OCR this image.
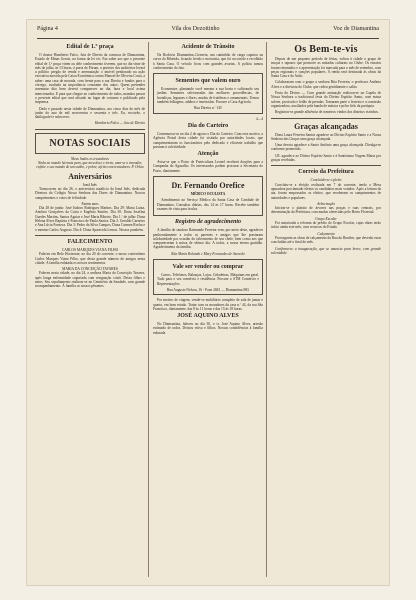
Página 4	Vila dos Dezoitinho	Voz de Diamantina
Edital de 1.º praça

O doutor Humberto Falco, Juiz de Direito da comarca de Diamantina, Estado de Minas Gerais, na forma da lei etc. Faz saber aos que o presente edital de 1.ª praça virem ou dele conhecimento tiverem, que no dia vinte de mês de julho, às 13 horas, à porta do Fórum, o porteiro dos auditórios levará a público pregão de venda e arrematação o imóvel penhorado na ação executiva movida pela Caixa Econômica contra Manoel de Oliveira Costa, a saber: uma casa de morada, com frente para a rua Direita e fundos para o córrego, avaliada na importância constante dos autos. Quem pretender arrematar dito bem deverá comparecer no dia, hora e local acima mencionados. E para que chegue ao conhecimento de todos, mandou passar o presente edital que será afixado no lugar de costume e publicado pela imprensa.

Dado e passado nesta cidade de Diamantina, aos cinco dias do mês de junho do ano de mil novecentos e sessenta e três. Eu, escrivão, o datilografei e subscrevo.

Humberto Falco — Juiz de Direito
NOTAS SOCIAIS
Meus lindos os travadores
Nada no mundo há mais puro, que meu doce e terno, ama-se o travador, enfeite o seu mundo de um sonho, e pobre, afeito com travadores. P. Orlao
Aniversários
Irmã Inês

Transcorreu no dia 26, o aniversário natalício da Irmã Inês, dedicada Diretora do Colégio Nossa Senhora das Dores de Diamantina. Nossos cumprimentos e votos de felicidade.

Fazem anos

Dia 28 de junho: José Isidoro Rodrigues Martins. Dia 29: Maria Luiza, Antônio Gonçalves da Costa e Eugênio Simões. Dia 30: Dona Josefina Guedes Martins, Santos Aguiar e José Maria Ribeiro. Dia 1.º de julho: Dona Helena Alves Baptista e Francisco de Paula Santos. Dia 2: Geraldo Carneiro e Ana Lúcia Fonseca. Dia 3: Pedro da Silva Campos, Dona Carmen Rocha e o menino Carlos Augusto. Dia 4: Dona Aparecida Lemos. Nossos parabéns.

FALECIMENTO
CARLOS MARQUES VIANA FILHO

Faleceu em Belo Horizonte, no dia 20 do corrente, o nosso conterrâneo Carlos Marques Viana Filho, que deixa grande número de amigos nesta cidade. A família enlutada os nossos sentimentos.

MARIA DA CONCEIÇÃO TAVARES

Faleceu nesta cidade, no dia 24, a senhora Maria da Conceição Tavares, após longa enfermidade suportada com resignação cristã. Deixa filhos e netos. Seu sepultamento realizou-se no Cemitério da Saudade, com grande acompanhamento. À família os nossos pêsames.

Acidente de Trânsito

Na Rodovia Diamantina–Gouveia, um caminhão de carga capotou na curva do Ribeirão, ficando ferido o motorista, que foi socorrido e recolhido à Santa Casa. O veículo ficou com grandes avarias. A polícia tomou conhecimento do fato.

Sementes que valem ouro

Economize, plantando você mesmo a sua horta e cultivando seu jardim. Sementes selecionadas das melhores procedências, de hortaliças, legumes e flores, mudas de frutíferas e ornamentais. Temos também folhagens, adubos e inseticidas. Procure a Casa Agrícola.

Rua Direita n.º 145
4—4
Dia do Carteiro

Comemorou-se no dia 2 de agosto o Dia do Carteiro. Com esse motivo, a Agência Postal desta cidade foi visitada por autoridades locais, que cumprimentaram os funcionários pelo dedicado e eficiente trabalho que prestam à coletividade.

Atenção

Avisa-se que o Posto de Puericultura Leonel receberá doações para a Campanha do Agasalho. Os interessados podem procurar a Secretaria do Posto, diariamente.

Dr. Fernando Orefice
MÉDICO OCULISTA

Atendimento no Serviço Médico da Santa Casa de Caridade de Diamantina, Consultas diárias, das 14 às 17 horas. Recebe também exames de vista para óculos.

Registro de agradecimento

A família do saudoso Raimundo Ferreira vem, por meio deste, agradecer penhoradamente a todos os parentes e amigos que lhe prestaram solidariedade por ocasião do falecimento de seu chefe, bem como aos que compareceram à missa de sétimo dia. A todos, a nossa eterna gratidão. Agradecimento da família.

Rita Maria Rolando e Mary Fernandes de Azevedo
Vale ser vender ou comprar

Carros, Telefones, Balanças, Lojas, Geladeiras, Máquinas em geral. Tudo para o seu comércio e residência. Procure o STM Comércio e Representações.

Rua Augusto Nelson, 16 - Fone 2681 — Diamantina MG

Por motivo de viagem, vende-se mobiliário completo de sala de jantar e quarto, em bom estado. Tratar com os moradores da casa n.º 44, da rua São Francisco, diariamente, das 8 às 11 horas e das 15 às 18 horas.

JOSÉ AQUINO ALVES

No Diamantina, faleceu no dia 30, o sr. José Aquino Alves, artesão estimado de todos. Deixou viúva e filhos. Nossas condolências à família enlutada.

Os Bem-te-vis

Depois de um pequeno período de férias, voltou à cidade o grupo de moças e rapazes que promove as noitadas culturais no Clube. Os ensaios foram retomados e a apresentação foi marcada para o mês de setembro, com peças regionais e canções populares. A renda será destinada às obras da Santa Casa e do Asilo.

Colaboraram com o grupo a senhora Rita Ferreira, o professor Antônio Alves e a diretoria do Clube, que cedeu gentilmente o salão.

Festa do Divino — Com grande animação realizou-se na Capela de Nossa Senhora a tradicional festa do Divino Espírito Santo, com missa solene, procissão e leilão de prendas. Tomaram parte o festeiro e a comissão organizadora, auxiliados pela banda de música e pelos fiéis da paróquia.

Registrou-se grande afluência de romeiros vindos dos distritos vizinhos.

Graças alcançadas

Dona Laura Ferreira Santos agradece ao Divino Espírito Santo e a Nossa Senhora das Graças uma graça alcançada.

Uma devota agradece a Santo Antônio uma graça alcançada. Divulga-se conforme prometido.

J.R. agradece ao Divino Espírito Santo e à Santíssima Virgem Maria por graças recebidas.

Correio da Prefeitura
Concluído-se o pleito

Concluiu-se a eleição realizada em 7 do corrente, tendo a Mesa apuradora proclamado eleitos os candidatos mais votados. Após a leitura da ata, foram empossados os eleitos, que receberam os cumprimentos de autoridades e populares.

Arborização

Iniciou-se o plantio de árvores nas praças e ruas centrais, por determinação da Prefeitura, com mudas oferecidas pelo Horto Florestal.

Grupo Escolar

Foi autorizada a reforma do prédio do Grupo Escolar, cujas obras terão início ainda este mês, com recursos do Estado.

Calçamento

Prosseguem as obras de calçamento da Rua do Bonfim, que deverão estar concluídas até o final do mês.

Confirma-se a inauguração, que se anuncia para breve, com grande solenidade.
